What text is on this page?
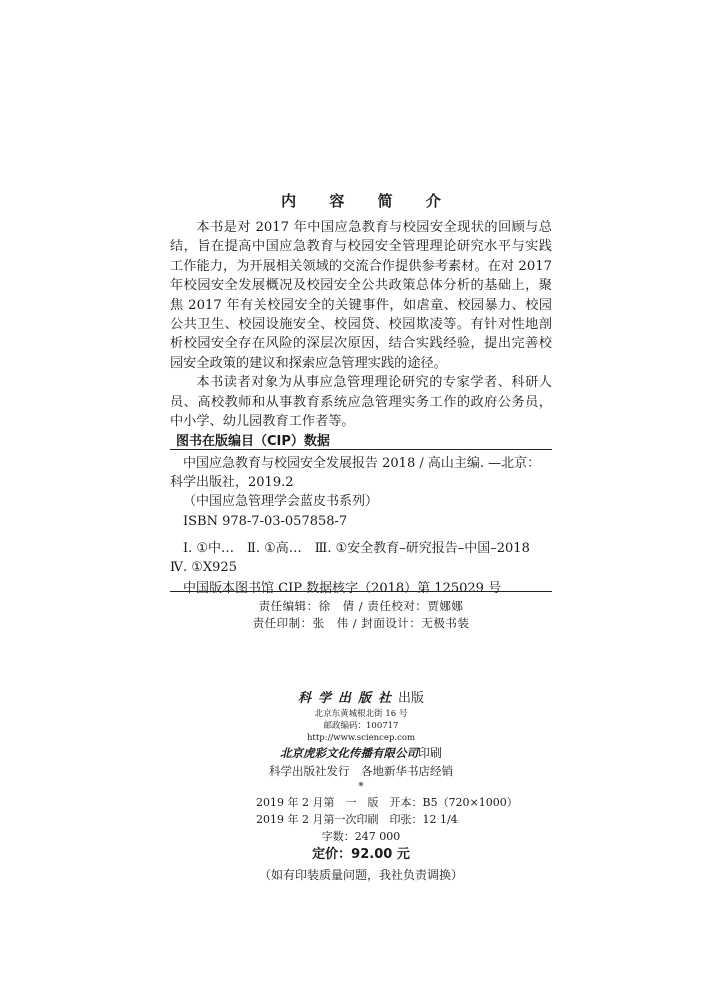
内 容 简 介

本书是对 2017 年中国应急教育与校园安全现状的回顾与总结，旨在提高中国应急教育与校园安全管理理论研究水平与实践工作能力，为开展相关领域的交流合作提供参考素材。在对 2017 年校园安全发展概况及校园安全公共政策总体分析的基础上，聚焦 2017 年有关校园安全的关键事件，如虐童、校园暴力、校园公共卫生、校园设施安全、校园贷、校园欺凌等。有针对性地剖析校园安全存在风险的深层次原因，结合实践经验，提出完善校园安全政策的建议和探索应急管理实践的途径。

本书读者对象为从事应急管理理论研究的专家学者、科研人员、高校教师和从事教育系统应急管理实务工作的政府公务员，中小学、幼儿园教育工作者等。

图书在版编目（CIP）数据

中国应急教育与校园安全发展报告 2018 / 高山主编. —北京：科学出版社，2019.2

（中国应急管理学会蓝皮书系列）

ISBN 978-7-03-057858-7

Ⅰ. ①中…　Ⅱ. ①高…　Ⅲ. ①安全教育–研究报告–中国–2018　Ⅳ. ①X925

中国版本图书馆 CIP 数据核字（2018）第 125029 号

责任编辑：徐　倩 / 责任校对：贾娜娜
责任印制：张　伟 / 封面设计：无极书装
科学出版社出版
北京东黄城根北街 16 号
邮政编码：100717
http://www.sciencep.com
北京虎彩文化传播有限公司印刷
科学出版社发行　各地新华书店经销
*
2019 年 2 月第　一　版　开本：B5（720×1000）
2019 年 2 月第一次印刷　印张：12 1/4
字数：247 000
定价：92.00 元
（如有印装质量问题，我社负责调换）
